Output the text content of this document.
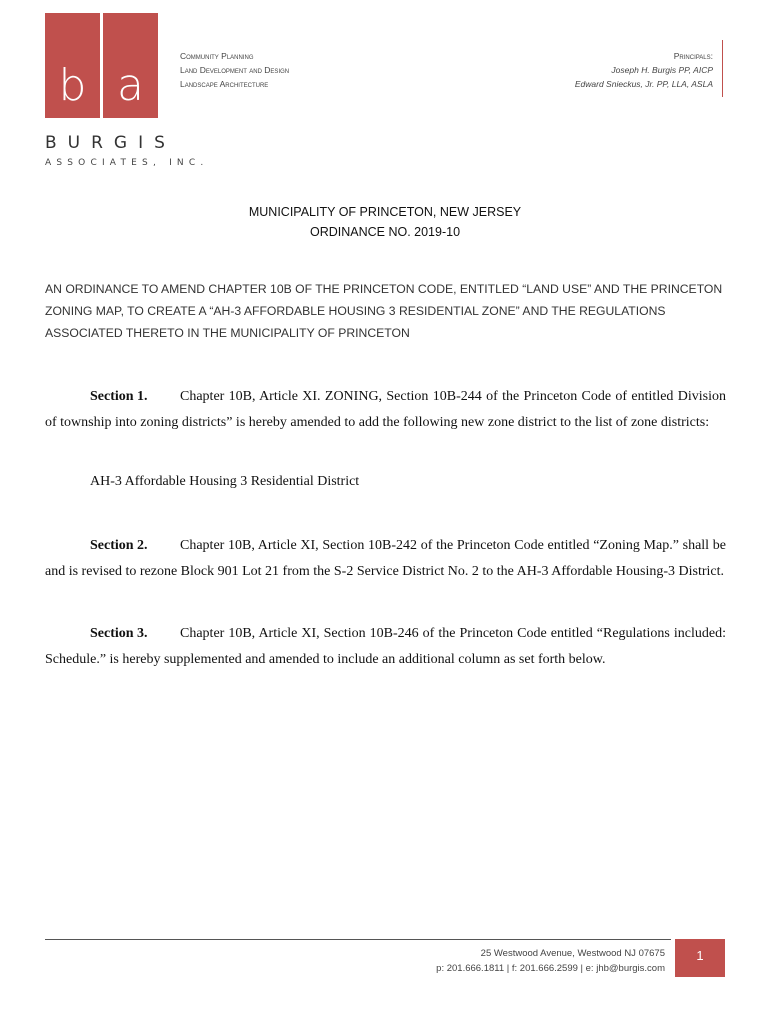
b a
BURGIS
ASSOCIATES, INC.
Community Planning
Land Development and Design
Landscape Architecture
Principals:
Joseph H. Burgis PP, AICP
Edward Snieckus, Jr. PP, LLA, ASLA
MUNICIPALITY OF PRINCETON, NEW JERSEY
ORDINANCE NO. 2019-10
AN ORDINANCE TO AMEND CHAPTER 10B OF THE PRINCETON CODE, ENTITLED “LAND USE” AND THE PRINCETON ZONING MAP, TO CREATE A “AH-3 AFFORDABLE HOUSING 3 RESIDENTIAL ZONE” AND THE REGULATIONS ASSOCIATED THERETO IN THE MUNICIPALITY OF PRINCETON
Section 1. Chapter 10B, Article XI. ZONING, Section 10B-244 of the Princeton Code of entitled Division of township into zoning districts” is hereby amended to add the following new zone district to the list of zone districts:
AH-3 Affordable Housing 3 Residential District
Section 2. Chapter 10B, Article XI, Section 10B-242 of the Princeton Code entitled “Zoning Map.” shall be and is revised to rezone Block 901 Lot 21 from the S-2 Service District No. 2 to the AH-3 Affordable Housing-3 District.
Section 3. Chapter 10B, Article XI, Section 10B-246 of the Princeton Code entitled “Regulations included: Schedule.” is hereby supplemented and amended to include an additional column as set forth below.
25 Westwood Avenue, Westwood NJ 07675
p: 201.666.1811 | f: 201.666.2599 | e: jhb@burgis.com
1
